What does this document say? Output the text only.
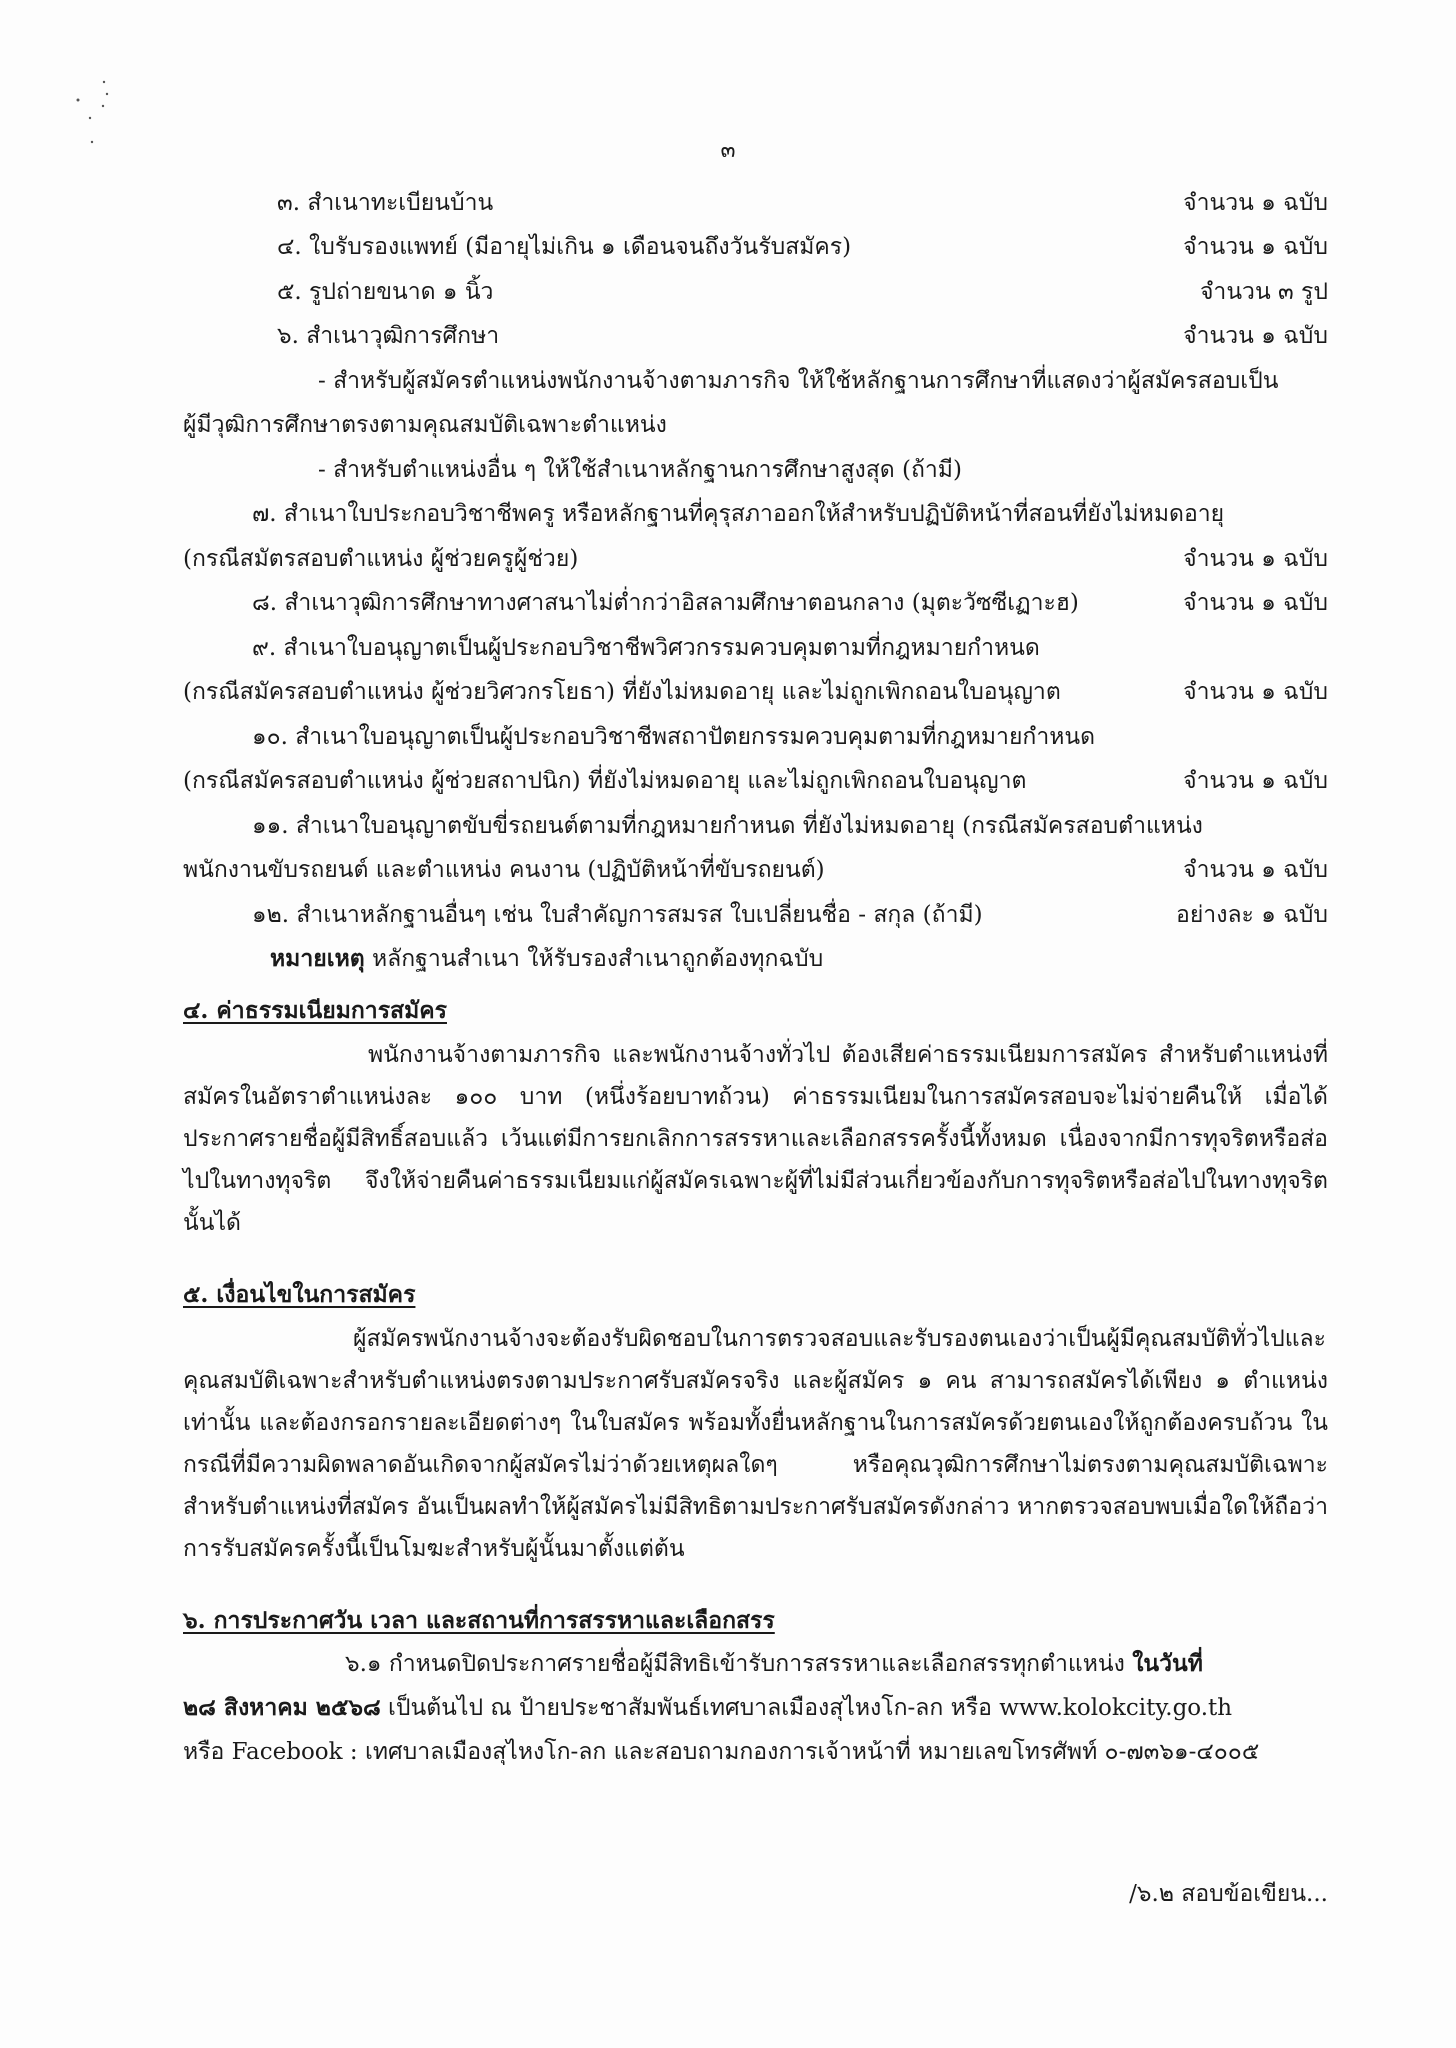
๓
๓. สำเนาทะเบียนบ้าน	จำนวน ๑ ฉบับ
๔. ใบรับรองแพทย์ (มีอายุไม่เกิน ๑ เดือนจนถึงวันรับสมัคร)	จำนวน ๑ ฉบับ
๕. รูปถ่ายขนาด ๑ นิ้ว	จำนวน ๓ รูป
๖. สำเนาวุฒิการศึกษา	จำนวน ๑ ฉบับ
- สำหรับผู้สมัครตำแหน่งพนักงานจ้างตามภารกิจ ให้ใช้หลักฐานการศึกษาที่แสดงว่าผู้สมัครสอบเป็น
ผู้มีวุฒิการศึกษาตรงตามคุณสมบัติเฉพาะตำแหน่ง
- สำหรับตำแหน่งอื่น ๆ ให้ใช้สำเนาหลักฐานการศึกษาสูงสุด (ถ้ามี)
๗. สำเนาใบประกอบวิชาชีพครู หรือหลักฐานที่คุรุสภาออกให้สำหรับปฏิบัติหน้าที่สอนที่ยังไม่หมดอายุ
(กรณีสมัตรสอบตำแหน่ง ผู้ช่วยครูผู้ช่วย)	จำนวน ๑ ฉบับ
๘. สำเนาวุฒิการศึกษาทางศาสนาไม่ต่ำกว่าอิสลามศึกษาตอนกลาง (มุตะวัซซีเฏาะฮ)	จำนวน ๑ ฉบับ
๙. สำเนาใบอนุญาตเป็นผู้ประกอบวิชาชีพวิศวกรรมควบคุมตามที่กฎหมายกำหนด
(กรณีสมัครสอบตำแหน่ง ผู้ช่วยวิศวกรโยธา) ที่ยังไม่หมดอายุ และไม่ถูกเพิกถอนใบอนุญาต	จำนวน ๑ ฉบับ
๑๐. สำเนาใบอนุญาตเป็นผู้ประกอบวิชาชีพสถาปัตยกรรมควบคุมตามที่กฎหมายกำหนด
(กรณีสมัครสอบตำแหน่ง ผู้ช่วยสถาปนิก) ที่ยังไม่หมดอายุ และไม่ถูกเพิกถอนใบอนุญาต	จำนวน ๑ ฉบับ
๑๑. สำเนาใบอนุญาตขับขี่รถยนต์ตามที่กฎหมายกำหนด ที่ยังไม่หมดอายุ (กรณีสมัครสอบตำแหน่ง
พนักงานขับรถยนต์ และตำแหน่ง คนงาน (ปฏิบัติหน้าที่ขับรถยนต์)	จำนวน ๑ ฉบับ
๑๒. สำเนาหลักฐานอื่นๆ เช่น ใบสำคัญการสมรส ใบเปลี่ยนชื่อ - สกุล (ถ้ามี)	อย่างละ ๑ ฉบับ
หมายเหตุ หลักฐานสำเนา ให้รับรองสำเนาถูกต้องทุกฉบับ
๔. ค่าธรรมเนียมการสมัคร
พนักงานจ้างตามภารกิจ และพนักงานจ้างทั่วไป ต้องเสียค่าธรรมเนียมการสมัคร สำหรับตำแหน่งที่สมัครในอัตราตำแหน่งละ ๑๐๐ บาท (หนึ่งร้อยบาทถ้วน) ค่าธรรมเนียมในการสมัครสอบจะไม่จ่ายคืนให้ เมื่อได้ประกาศรายชื่อผู้มีสิทธิ์สอบแล้ว เว้นแต่มีการยกเลิกการสรรหาและเลือกสรรครั้งนี้ทั้งหมด เนื่องจากมีการทุจริตหรือส่อไปในทางทุจริต จึงให้จ่ายคืนค่าธรรมเนียมแก่ผู้สมัครเฉพาะผู้ที่ไม่มีส่วนเกี่ยวข้องกับการทุจริตหรือส่อไปในทางทุจริตนั้นได้
๕. เงื่อนไขในการสมัคร
ผู้สมัครพนักงานจ้างจะต้องรับผิดชอบในการตรวจสอบและรับรองตนเองว่าเป็นผู้มีคุณสมบัติทั่วไปและคุณสมบัติเฉพาะสำหรับตำแหน่งตรงตามประกาศรับสมัครจริง และผู้สมัคร ๑ คน สามารถสมัครได้เพียง ๑ ตำแหน่งเท่านั้น และต้องกรอกรายละเอียดต่างๆ ในใบสมัคร พร้อมทั้งยื่นหลักฐานในการสมัครด้วยตนเองให้ถูกต้องครบถ้วน ในกรณีที่มีความผิดพลาดอันเกิดจากผู้สมัครไม่ว่าด้วยเหตุผลใดๆ หรือคุณวุฒิการศึกษาไม่ตรงตามคุณสมบัติเฉพาะสำหรับตำแหน่งที่สมัคร อันเป็นผลทำให้ผู้สมัครไม่มีสิทธิตามประกาศรับสมัครดังกล่าว หากตรวจสอบพบเมื่อใดให้ถือว่าการรับสมัครครั้งนี้เป็นโมฆะสำหรับผู้นั้นมาตั้งแต่ต้น
๖. การประกาศวัน เวลา และสถานที่การสรรหาและเลือกสรร
๖.๑ กำหนดปิดประกาศรายชื่อผู้มีสิทธิเข้ารับการสรรหาและเลือกสรรทุกตำแหน่ง ในวันที่
๒๘ สิงหาคม ๒๕๖๘ เป็นต้นไป ณ ป้ายประชาสัมพันธ์เทศบาลเมืองสุไหงโก-ลก หรือ www.kolokcity.go.th
หรือ Facebook : เทศบาลเมืองสุไหงโก-ลก และสอบถามกองการเจ้าหน้าที่ หมายเลขโทรศัพท์ ๐-๗๓๖๑-๔๐๐๕
/๖.๒ สอบข้อเขียน...
